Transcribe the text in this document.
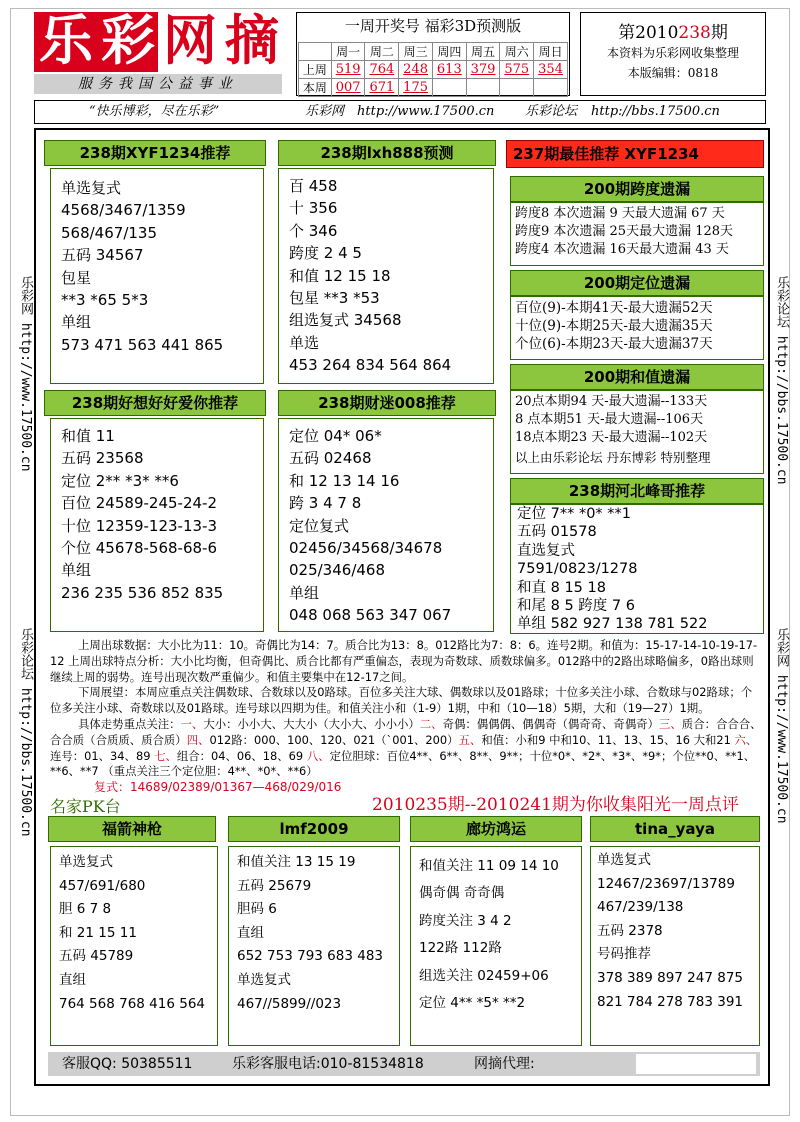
乐 彩 网 摘
服务我国公益事业
一周开奖号 福彩3D预测版
	周一	周二	周三	周四	周五	周六	周日
上周	519	764	248	613	379	575	354
本周	007	671	175				
第2010238期
本资料为乐彩网收集整理
本版编辑：0818
“快乐博彩，尽在乐彩”	乐彩网 http://www.17500.cn 乐彩论坛 http://bbs.17500.cn
乐彩网 http://www.17500.cn
乐彩论坛 http://bbs.17500.cn
乐彩论坛 http://bbs.17500.cn
乐彩网 http://www.17500.cn
238期XYF1234推荐
单选复式
4568/3467/1359
568/467/135
五码 34567
包星
**3 *65 5*3
单组
573 471 563 441 865
238期lxh888预测
百 458
十 356
个 346
跨度 2 4 5
和值 12 15 18
包星 **3 *53
组选复式 34568
单选
453 264 834 564 864
238期好想好好爱你推荐
和值 11
五码 23568
定位 2** *3* **6
百位 24589-245-24-2
十位 12359-123-13-3
个位 45678-568-68-6
单组
236 235 536 852 835
238期财迷008推荐
定位 04* 06*
五码 02468
和 12 13 14 16
跨 3 4 7 8
定位复式
02456/34568/34678
025/346/468
单组
048 068 563 347 067
237期最佳推荐 XYF1234
200期跨度遗漏
跨度8 本次遗漏 9 天最大遗漏 67 天
跨度9 本次遗漏 25天最大遗漏 128天
跨度4 本次遗漏 16天最大遗漏 43 天
200期定位遗漏
百位(9)-本期41天-最大遗漏52天
十位(9)-本期25天-最大遗漏35天
个位(6)-本期23天-最大遗漏37天
200期和值遗漏
20点本期94 天-最大遗漏--133天
8 点本期51 天-最大遗漏--106天
18点本期23 天-最大遗漏--102天
以上由乐彩论坛 丹东博彩 特别整理
238期河北峰哥推荐
定位 7** *0* **1
五码 01578
直选复式
7591/0823/1278
和直 8 15 18
和尾 8 5 跨度 7 6
单组 582 927 138 781 522

上周出球数据：大小比为11：10。奇偶比为14：7。质合比为13：8。012路比为7：8：6。连号2期。和值为：15-17-14-10-19-17-12 上周出球特点分析：大小比均衡，但奇偶比、质合比都有严重偏态，表现为奇数球、质数球偏多。012路中的2路出球略偏多，0路出球则继续上周的弱势。连号出现次数严重偏少。和值主要集中在12-17之间。

下周展望：本周应重点关注偶数球、合数球以及0路球。百位多关注大球、偶数球以及01路球；十位多关注小球、合数球与02路球；个位多关注小球、奇数球以及01路球。连号球以四期为佳。和值关注小和（1-9）1期，中和（10—18）5期，大和（19—27）1期。

具体走势重点关注：一、大小：小小大、大大小（大小大、小小小）二、奇偶：偶偶偶、偶偶奇（偶奇奇、奇偶奇）三、质合：合合合、合合质（合质质、质合质）四、012路：000、100、120、021（`001、200）五、和值：小和9 中和10、11、13、15、16 大和21 六、连号：01、34、89 七、组合：04、06、18、69 八、定位胆球：百位4**、6**、8**、9**；十位*0*、*2*、*3*、*9*；个位**0、**1、**6、**7 （重点关注三个定位胆：4**、*0*、**6）

复式：14689/02389/01367—468/029/016

名家PK台	2010235期--2010241期为你收集阳光一周点评
福箭神枪
单选复式
457/691/680
胆 6 7 8
和 21 15 11
五码 45789
直组
764 568 768 416 564
lmf2009
和值关注 13 15 19
五码 25679
胆码 6
直组
652 753 793 683 483
单选复式
467//5899//023
廊坊鸿运
和值关注 11 09 14 10
偶奇偶 奇奇偶
跨度关注 3 4 2
122路 112路
组选关注 02459+06
定位 4** *5* **2
tina_yaya
单选复式
12467/23697/13789
467/239/138
五码 2378
号码推荐
378 389 897 247 875
821 784 278 783 391
客服QQ: 50385511	乐彩客服电话:010-81534818	网摘代理:
